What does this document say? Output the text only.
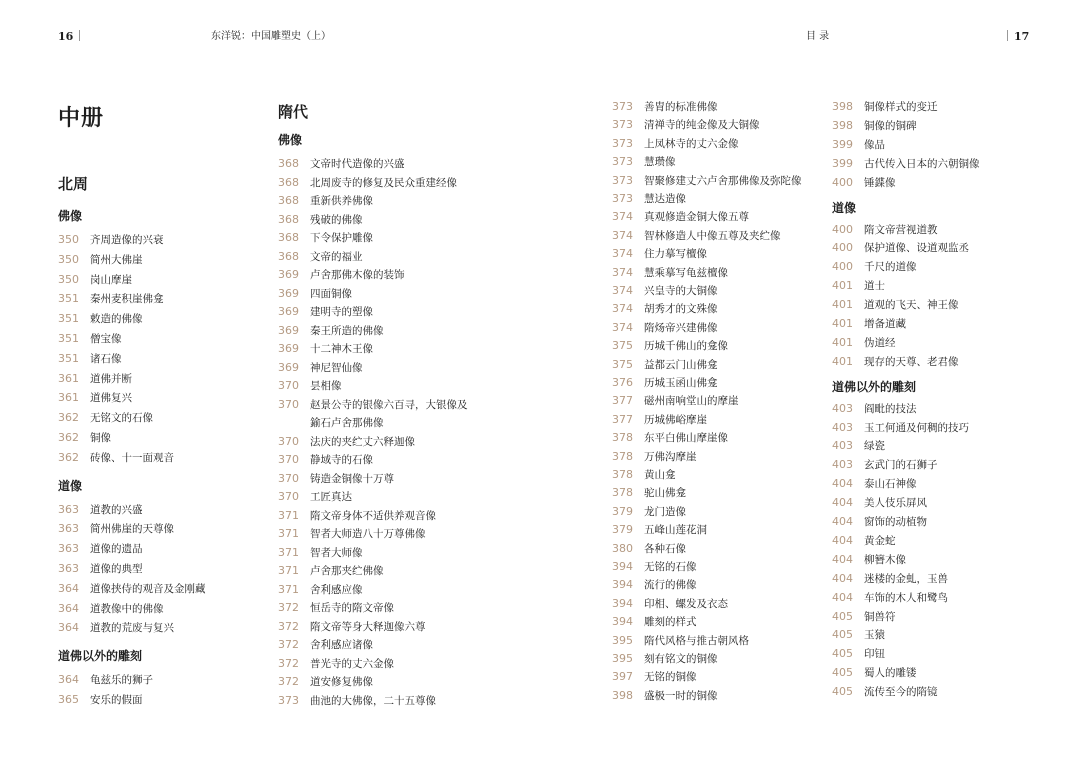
16	东洋锐：中国雕塑史（上）	目 录	17
中册
北周
佛像
350 齐周造像的兴衰
350 简州大佛崖
350 岗山摩崖
351 秦州麦积崖佛龛
351 敕造的佛像
351 僧宝像
351 诸石像
361 道佛并断
361 道佛复兴
362 无铭文的石像
362 铜像
362 砖像、十一面观音
道像
363 道教的兴盛
363 简州佛崖的天尊像
363 道像的遗品
363 道像的典型
364 道像挟侍的观音及金刚藏
364 道教像中的佛像
364 道教的荒废与复兴
道佛以外的雕刻
364 龟兹乐的狮子
365 安乐的假面
隋代
佛像
368 文帝时代造像的兴盛
368 北周废寺的修复及民众重建经像
368 重新供养佛像
368 残破的佛像
368 下令保护雕像
368 文帝的福业
369 卢舍那佛木像的装饰
369 四面铜像
369 建明寺的塑像
369 秦王所造的佛像
369 十二神木王像
369 神尼智仙像
370 昙相像
370 赵景公寺的银像六百寻，大银像及
鍮石卢舍那佛像
370 法庆的夹纻丈六释迦像
370 静域寺的石像
370 铸造金铜像十万尊
370 工匠真达
371 隋文帝身体不适供养观音像
371 智者大师造八十万尊佛像
371 智者大师像
371 卢舍那夹纻佛像
371 舍利感应像
372 恒岳寺的隋文帝像
372 隋文帝等身大释迦像六尊
372 舍利感应诸像
372 普光寺的丈六金像
372 道安修复佛像
373 曲池的大佛像，二十五尊像
373 善胄的标准佛像
373 清禅寺的纯金像及大铜像
373 上凤林寺的丈六金像
373 慧瓒像
373 智聚修建丈六卢舍那佛像及弥陀像
373 慧达造像
374 真观修造金铜大像五尊
374 智林修造人中像五尊及夹纻像
374 住力摹写檀像
374 慧乘摹写龟兹檀像
374 兴皇寺的大铜像
374 胡秀才的文殊像
374 隋炀帝兴建佛像
375 历城千佛山的龛像
375 益都云门山佛龛
376 历城玉函山佛龛
377 磁州南响堂山的摩崖
377 历城佛峪摩崖
378 东平白佛山摩崖像
378 万佛沟摩崖
378 黄山龛
378 驼山佛龛
379 龙门造像
379 五峰山莲花洞
380 各种石像
394 无铭的石像
394 流行的佛像
394 印相、螺发及衣态
394 雕刻的样式
395 隋代风格与推古朝风格
395 刻有铭文的铜像
397 无铭的铜像
398 盛极一时的铜像
398 铜像样式的变迁
398 铜像的铜碑
399 像品
399 古代传入日本的六朝铜像
400 锤鍱像
道像
400 隋文帝营视道教
400 保护道像、设道观监丞
400 千尺的道像
401 道士
401 道观的飞天、神王像
401 增备道藏
401 伪道经
401 现存的天尊、老君像
道佛以外的雕刻
403 阎毗的技法
403 玉工何通及何稠的技巧
403 绿瓷
403 玄武门的石狮子
404 泰山石神像
404 美人伎乐屏风
404 窗饰的动植物
404 黄金蛇
404 柳簪木像
404 迷楼的金虬，玉兽
404 车饰的木人和鹭鸟
405 铜兽符
405 玉猿
405 印钮
405 蜀人的雕镂
405 流传至今的隋镜
